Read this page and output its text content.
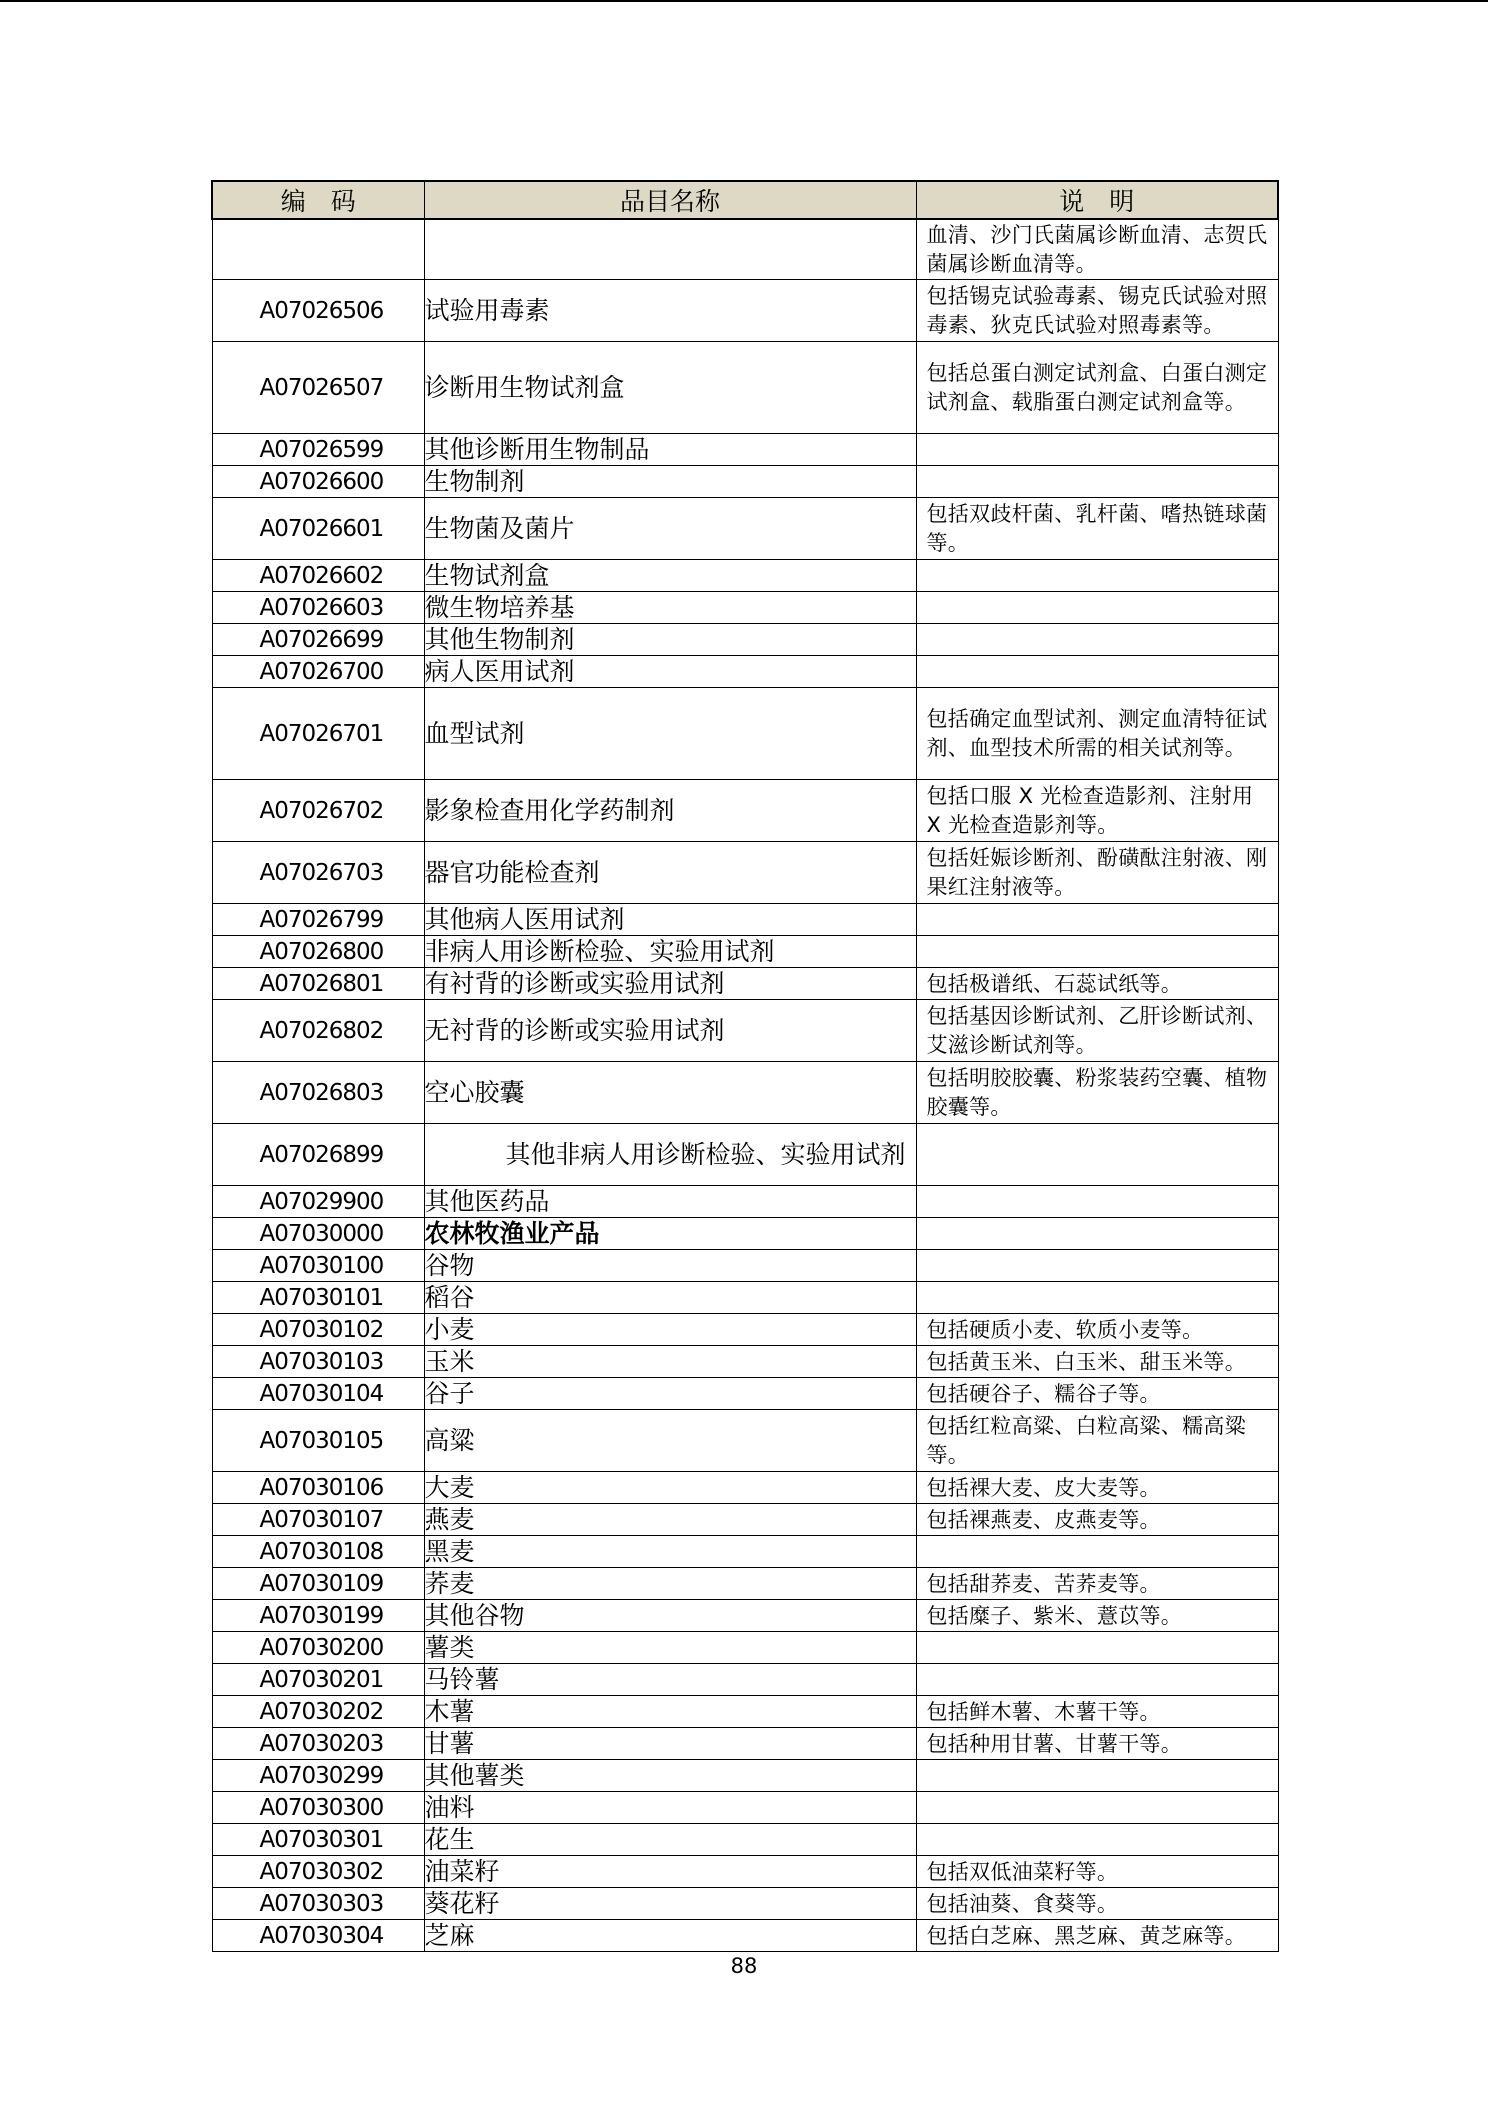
编　码	品目名称	说　明
		血清、沙门氏菌属诊断血清、志贺氏菌属诊断血清等。
A07026506	试验用毒素	包括锡克试验毒素、锡克氏试验对照毒素、狄克氏试验对照毒素等。
A07026507	诊断用生物试剂盒	包括总蛋白测定试剂盒、白蛋白测定试剂盒、载脂蛋白测定试剂盒等。
A07026599	其他诊断用生物制品	
A07026600	生物制剂	
A07026601	生物菌及菌片	包括双歧杆菌、乳杆菌、嗜热链球菌等。
A07026602	生物试剂盒	
A07026603	微生物培养基	
A07026699	其他生物制剂	
A07026700	病人医用试剂	
A07026701	血型试剂	包括确定血型试剂、测定血清特征试剂、血型技术所需的相关试剂等。
A07026702	影象检查用化学药制剂	包括口服 X 光检查造影剂、注射用 X 光检查造影剂等。
A07026703	器官功能检查剂	包括妊娠诊断剂、酚磺酞注射液、刚果红注射液等。
A07026799	其他病人医用试剂	
A07026800	非病人用诊断检验、实验用试剂	
A07026801	有衬背的诊断或实验用试剂	包括极谱纸、石蕊试纸等。
A07026802	无衬背的诊断或实验用试剂	包括基因诊断试剂、乙肝诊断试剂、艾滋诊断试剂等。
A07026803	空心胶囊	包括明胶胶囊、粉浆装药空囊、植物胶囊等。
A07026899	其他非病人用诊断检验、实验用试剂	
A07029900	其他医药品	
A07030000	农林牧渔业产品	
A07030100	谷物	
A07030101	稻谷	
A07030102	小麦	包括硬质小麦、软质小麦等。
A07030103	玉米	包括黄玉米、白玉米、甜玉米等。
A07030104	谷子	包括硬谷子、糯谷子等。
A07030105	高粱	包括红粒高粱、白粒高粱、糯高粱等。
A07030106	大麦	包括裸大麦、皮大麦等。
A07030107	燕麦	包括裸燕麦、皮燕麦等。
A07030108	黑麦	
A07030109	荞麦	包括甜荞麦、苦荞麦等。
A07030199	其他谷物	包括糜子、紫米、薏苡等。
A07030200	薯类	
A07030201	马铃薯	
A07030202	木薯	包括鲜木薯、木薯干等。
A07030203	甘薯	包括种用甘薯、甘薯干等。
A07030299	其他薯类	
A07030300	油料	
A07030301	花生	
A07030302	油菜籽	包括双低油菜籽等。
A07030303	葵花籽	包括油葵、食葵等。
A07030304	芝麻	包括白芝麻、黑芝麻、黄芝麻等。
88
